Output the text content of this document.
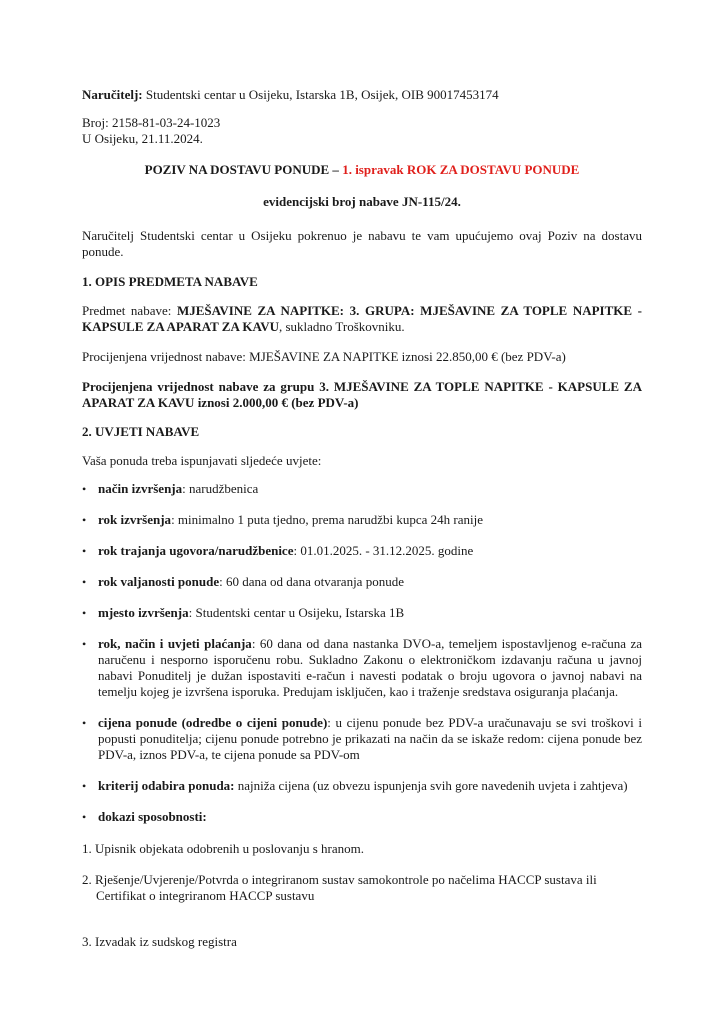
Naručitelj: Studentski centar u Osijeku, Istarska 1B, Osijek, OIB 90017453174

Broj: 2158-81-03-24-1023

U Osijeku, 21.11.2024.

POZIV NA DOSTAVU PONUDE – 1. ispravak ROK ZA DOSTAVU PONUDE

evidencijski broj nabave JN-115/24.

Naručitelj Studentski centar u Osijeku pokrenuo je nabavu te vam upućujemo ovaj Poziv na dostavu ponude.

1. OPIS PREDMETA NABAVE

Predmet nabave: MJEŠAVINE ZA NAPITKE: 3. GRUPA: MJEŠAVINE ZA TOPLE NAPITKE - KAPSULE ZA APARAT ZA KAVU, sukladno Troškovniku.

Procijenjena vrijednost nabave: MJEŠAVINE ZA NAPITKE iznosi 22.850,00 € (bez PDV-a)

Procijenjena vrijednost nabave za grupu 3. MJEŠAVINE ZA TOPLE NAPITKE - KAPSULE ZA APARAT ZA KAVU iznosi 2.000,00 € (bez PDV-a)

2. UVJETI NABAVE

Vaša ponuda treba ispunjavati sljedeće uvjete:

• način izvršenja: narudžbenica
• rok izvršenja: minimalno 1 puta tjedno, prema narudžbi kupca 24h ranije
• rok trajanja ugovora/narudžbenice: 01.01.2025. - 31.12.2025. godine
• rok valjanosti ponude: 60 dana od dana otvaranja ponude
• mjesto izvršenja: Studentski centar u Osijeku, Istarska 1B
• rok, način i uvjeti plaćanja: 60 dana od dana nastanka DVO-a, temeljem ispostavljenog e-računa za naručenu i nesporno isporučenu robu. Sukladno Zakonu o elektroničkom izdavanju računa u javnoj nabavi Ponuditelj je dužan ispostaviti e-račun i navesti podatak o broju ugovora o javnoj nabavi na temelju kojeg je izvršena isporuka. Predujam isključen, kao i traženje sredstava osiguranja plaćanja.
• cijena ponude (odredbe o cijeni ponude): u cijenu ponude bez PDV-a uračunavaju se svi troškovi i popusti ponuditelja; cijenu ponude potrebno je prikazati na način da se iskaže redom: cijena ponude bez PDV-a, iznos PDV-a, te cijena ponude sa PDV-om
• kriterij odabira ponuda: najniža cijena (uz obvezu ispunjenja svih gore navedenih uvjeta i zahtjeva)
• dokazi sposobnosti:

1. Upisnik objekata odobrenih u poslovanju s hranom.

2. Rješenje/Uvjerenje/Potvrda o integriranom sustav samokontrole po načelima HACCP sustava ili

Certifikat o integriranom HACCP sustavu

3. Izvadak iz sudskog registra
